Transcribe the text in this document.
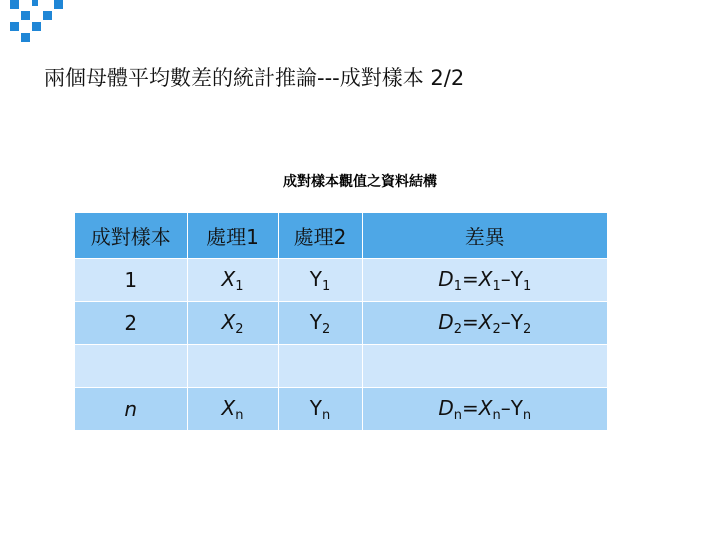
兩個母體平均數差的統計推論---成對樣本 2/2
成對樣本觀值之資料結構
成對樣本	處理1	處理2	差異
1	$X_1$	$Y_1$	$D_1=X_1-Y_1$
2	$X_2$	$Y_2$	$D_2=X_2-Y_2$

n	$X_n$	$Y_n$	$D_n=X_n-Y_n$
